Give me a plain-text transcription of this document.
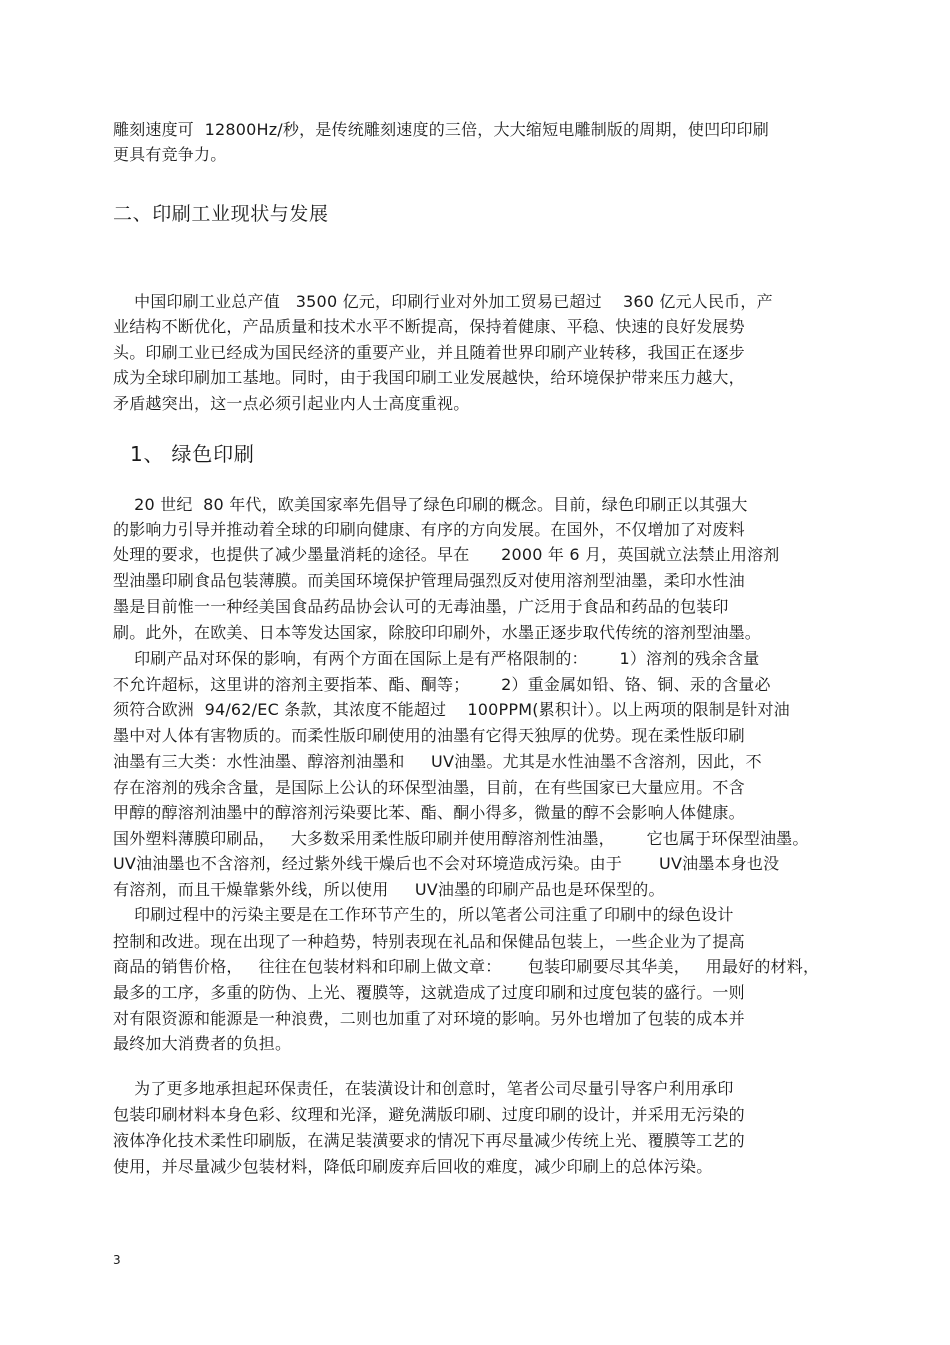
雕刻速度可  12800Hz/秒，是传统雕刻速度的三倍，大大缩短电雕制版的周期，使凹印印刷
更具有竞争力。
二、印刷工业现状与发展
中国印刷工业总产值   3500 亿元，印刷行业对外加工贸易已超过    360 亿元人民币，产
业结构不断优化，产品质量和技术水平不断提高，保持着健康、平稳、快速的良好发展势
头。印刷工业已经成为国民经济的重要产业，并且随着世界印刷产业转移，我国正在逐步
成为全球印刷加工基地。同时，由于我国印刷工业发展越快，给环境保护带来压力越大，
矛盾越突出，这一点必须引起业内人士高度重视。
1、 绿色印刷
20 世纪  80 年代，欧美国家率先倡导了绿色印刷的概念。目前，绿色印刷正以其强大
的影响力引导并推动着全球的印刷向健康、有序的方向发展。在国外，不仅增加了对废料
处理的要求，也提供了减少墨量消耗的途径。早在      2000 年 6 月，英国就立法禁止用溶剂
型油墨印刷食品包装薄膜。而美国环境保护管理局强烈反对使用溶剂型油墨，柔印水性油
墨是目前惟一一种经美国食品药品协会认可的无毒油墨，广泛用于食品和药品的包装印
刷。此外，在欧美、日本等发达国家，除胶印印刷外，水墨正逐步取代传统的溶剂型油墨。
印刷产品对环保的影响，有两个方面在国际上是有严格限制的：      1）溶剂的残余含量
不允许超标，这里讲的溶剂主要指苯、酯、酮等；      2）重金属如铅、铬、铜、汞的含量必
须符合欧洲  94/62/EC 条款，其浓度不能超过    100PPM(累积计）。以上两项的限制是针对油
墨中对人体有害物质的。而柔性版印刷使用的油墨有它得天独厚的优势。现在柔性版印刷
油墨有三大类：水性油墨、醇溶剂油墨和     UV油墨。尤其是水性油墨不含溶剂，因此，不
存在溶剂的残余含量，是国际上公认的环保型油墨，目前，在有些国家已大量应用。不含
甲醇的醇溶剂油墨中的醇溶剂污染要比苯、酯、酮小得多，微量的醇不会影响人体健康。
国外塑料薄膜印刷品，   大多数采用柔性版印刷并使用醇溶剂性油墨，      它也属于环保型油墨。
UV油油墨也不含溶剂，经过紫外线干燥后也不会对环境造成污染。由于       UV油墨本身也没
有溶剂，而且干燥靠紫外线，所以使用     UV油墨的印刷产品也是环保型的。
印刷过程中的污染主要是在工作环节产生的，所以笔者公司注重了印刷中的绿色设计
控制和改进。现在出现了一种趋势，特别表现在礼品和保健品包装上，一些企业为了提高
商品的销售价格，   往往在包装材料和印刷上做文章：     包装印刷要尽其华美，   用最好的材料，
最多的工序，多重的防伪、上光、覆膜等，这就造成了过度印刷和过度包装的盛行。一则
对有限资源和能源是一种浪费，二则也加重了对环境的影响。另外也增加了包装的成本并
最终加大消费者的负担。
为了更多地承担起环保责任，在装潢设计和创意时，笔者公司尽量引导客户利用承印
包装印刷材料本身色彩、纹理和光泽，避免满版印刷、过度印刷的设计，并采用无污染的
液体净化技术柔性印刷版，在满足装潢要求的情况下再尽量减少传统上光、覆膜等工艺的
使用，并尽量减少包装材料，降低印刷废弃后回收的难度，减少印刷上的总体污染。
3
